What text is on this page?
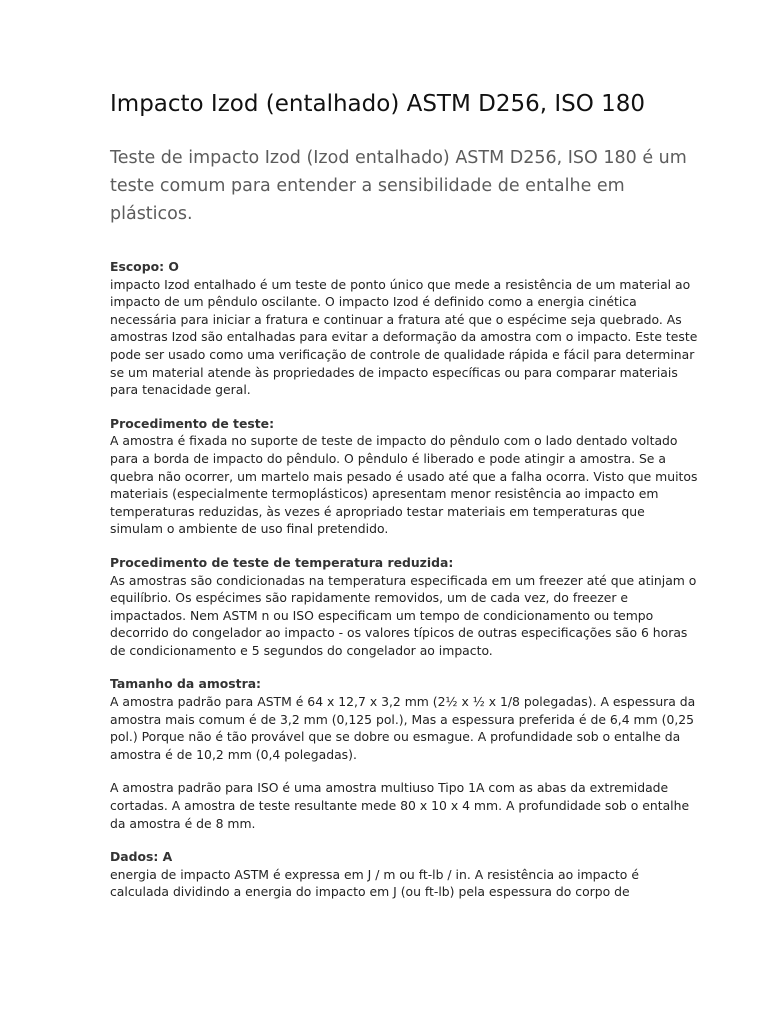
Impacto Izod (entalhado) ASTM D256, ISO 180
Teste de impacto Izod (Izod entalhado) ASTM D256, ISO 180 é um teste comum para entender a sensibilidade de entalhe em plásticos.
Escopo: O
impacto Izod entalhado é um teste de ponto único que mede a resistência de um material ao impacto de um pêndulo oscilante. O impacto Izod é definido como a energia cinética necessária para iniciar a fratura e continuar a fratura até que o espécime seja quebrado. As amostras Izod são entalhadas para evitar a deformação da amostra com o impacto. Este teste pode ser usado como uma verificação de controle de qualidade rápida e fácil para determinar se um material atende às propriedades de impacto específicas ou para comparar materiais para tenacidade geral.
Procedimento de teste:
A amostra é fixada no suporte de teste de impacto do pêndulo com o lado dentado voltado para a borda de impacto do pêndulo. O pêndulo é liberado e pode atingir a amostra. Se a quebra não ocorrer, um martelo mais pesado é usado até que a falha ocorra. Visto que muitos materiais (especialmente termoplásticos) apresentam menor resistência ao impacto em temperaturas reduzidas, às vezes é apropriado testar materiais em temperaturas que simulam o ambiente de uso final pretendido.
Procedimento de teste de temperatura reduzida:
As amostras são condicionadas na temperatura especificada em um freezer até que atinjam o equilíbrio. Os espécimes são rapidamente removidos, um de cada vez, do freezer e impactados. Nem ASTM n ou ISO especificam um tempo de condicionamento ou tempo decorrido do congelador ao impacto - os valores típicos de outras especificações são 6 horas de condicionamento e 5 segundos do congelador ao impacto.
Tamanho da amostra:
A amostra padrão para ASTM é 64 x 12,7 x 3,2 mm (2½ x ½ x 1/8 polegadas). A espessura da amostra mais comum é de 3,2 mm (0,125 pol.), Mas a espessura preferida é de 6,4 mm (0,25 pol.) Porque não é tão provável que se dobre ou esmague. A profundidade sob o entalhe da amostra é de 10,2 mm (0,4 polegadas).
A amostra padrão para ISO é uma amostra multiuso Tipo 1A com as abas da extremidade cortadas. A amostra de teste resultante mede 80 x 10 x 4 mm. A profundidade sob o entalhe da amostra é de 8 mm.
Dados: A
energia de impacto ASTM é expressa em J / m ou ft-lb / in. A resistência ao impacto é calculada dividindo a energia do impacto em J (ou ft-lb) pela espessura do corpo de
